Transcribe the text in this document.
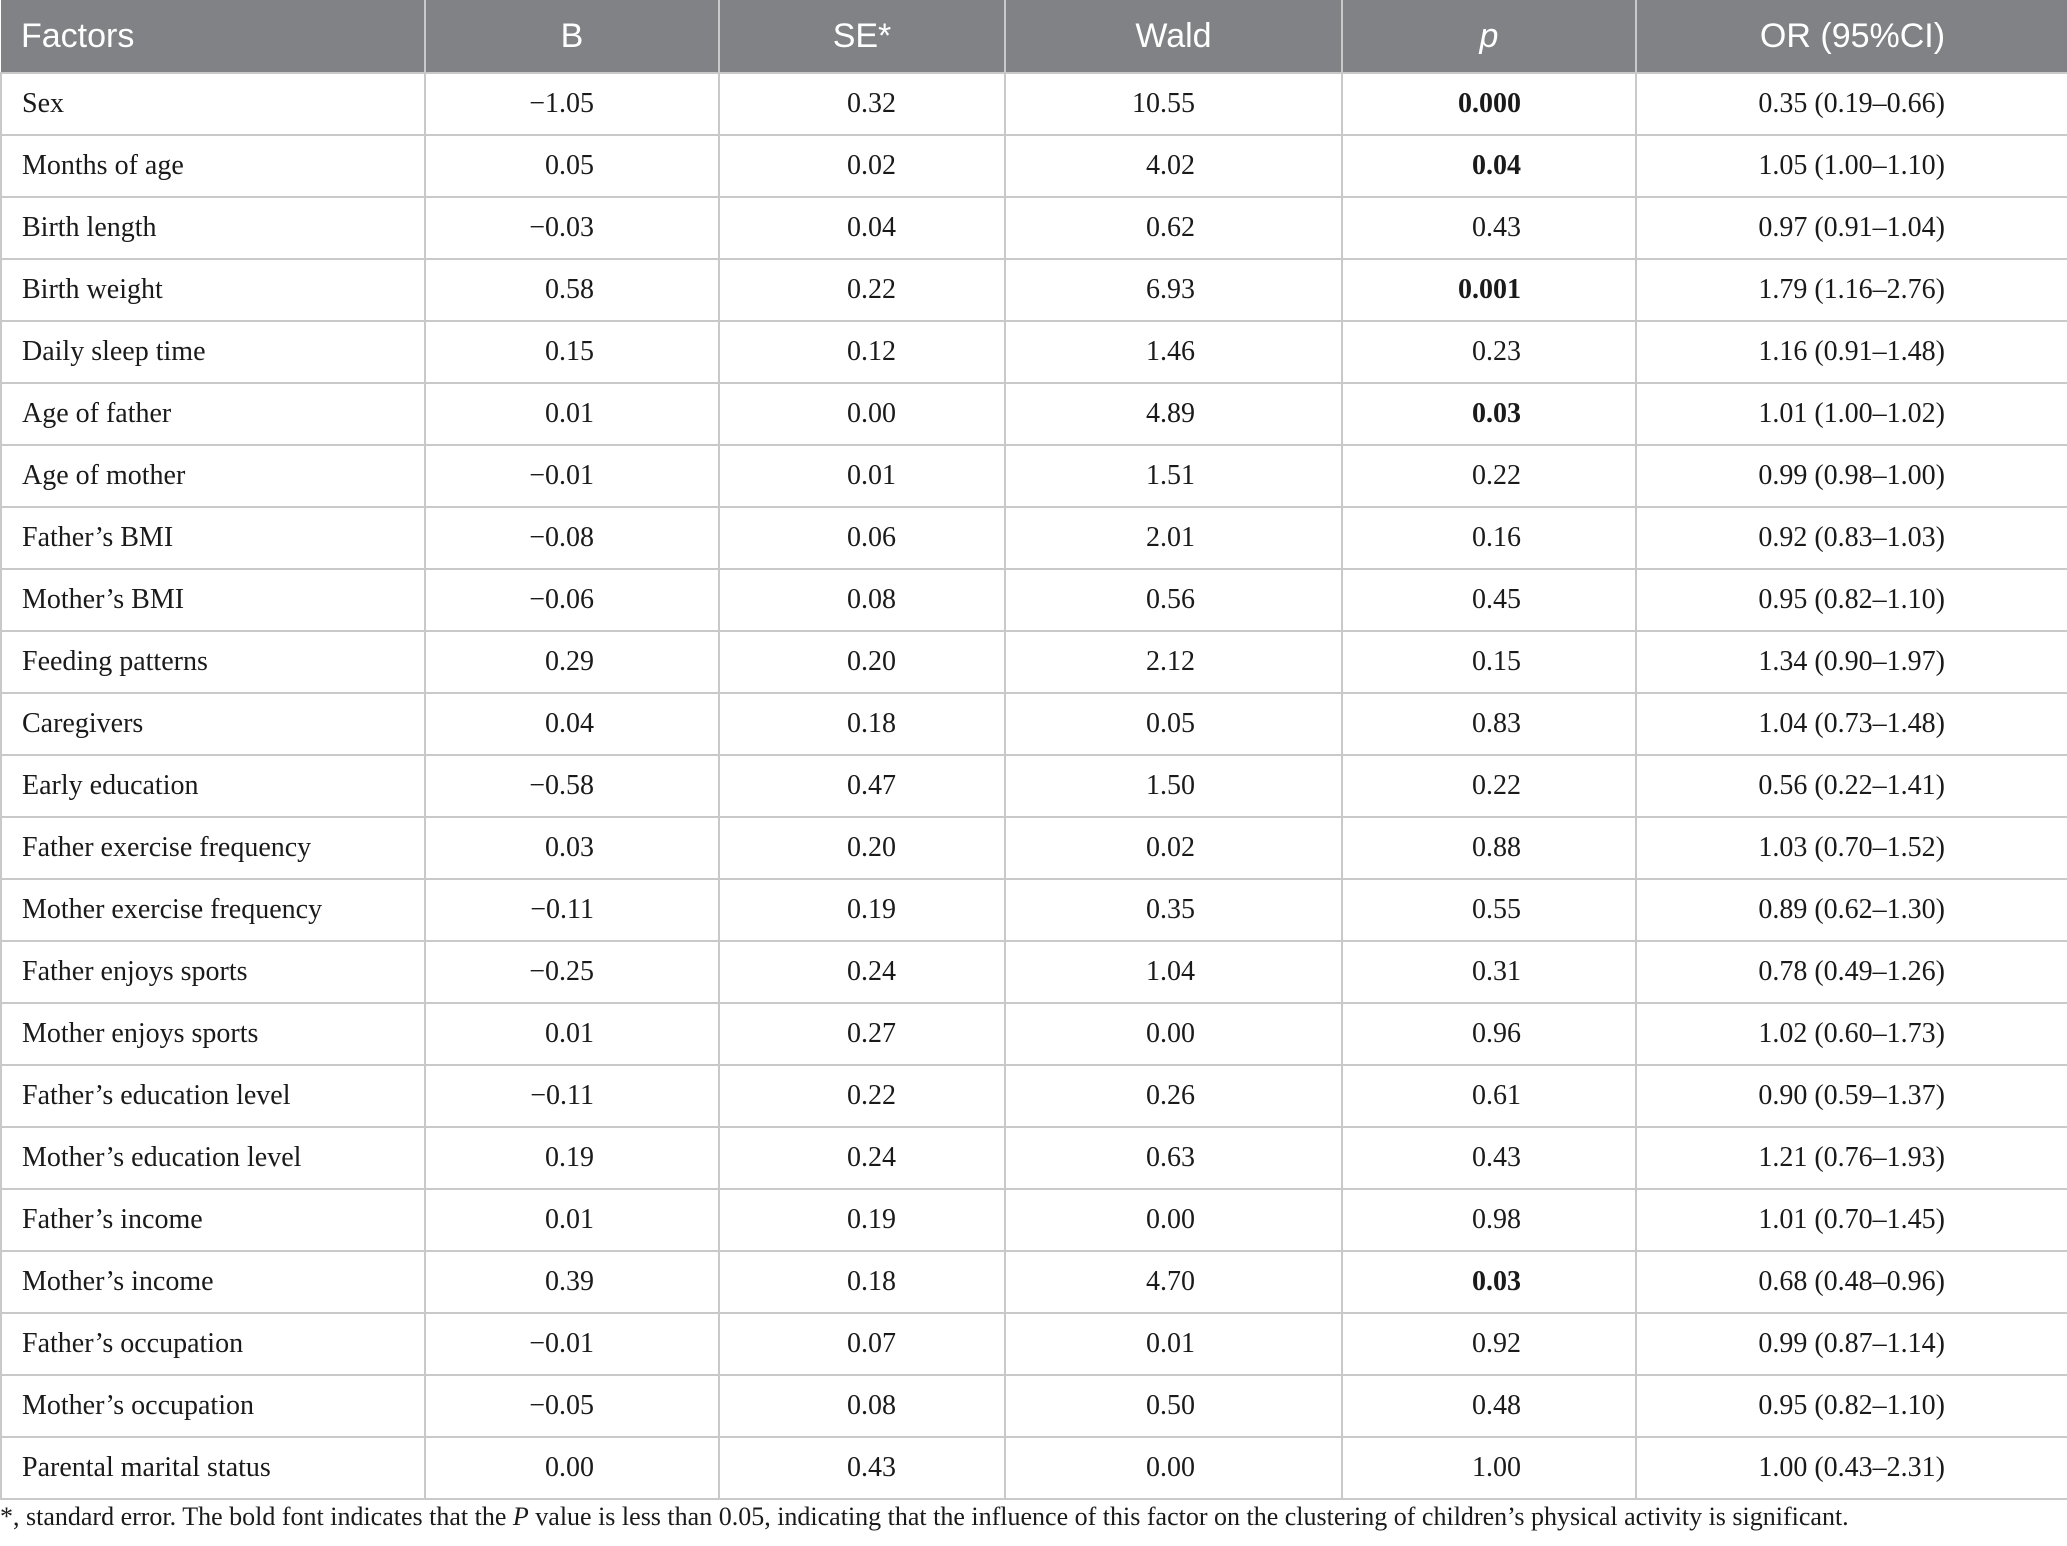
Factors	B	SE*	Wald	p	OR (95%CI)
Sex	−1.05	0.32	10.55	0.000	0.35 (0.19–0.66)
Months of age	0.05	0.02	4.02	0.04	1.05 (1.00–1.10)
Birth length	−0.03	0.04	0.62	0.43	0.97 (0.91–1.04)
Birth weight	0.58	0.22	6.93	0.001	1.79 (1.16–2.76)
Daily sleep time	0.15	0.12	1.46	0.23	1.16 (0.91–1.48)
Age of father	0.01	0.00	4.89	0.03	1.01 (1.00–1.02)
Age of mother	−0.01	0.01	1.51	0.22	0.99 (0.98–1.00)
Father’s BMI	−0.08	0.06	2.01	0.16	0.92 (0.83–1.03)
Mother’s BMI	−0.06	0.08	0.56	0.45	0.95 (0.82–1.10)
Feeding patterns	0.29	0.20	2.12	0.15	1.34 (0.90–1.97)
Caregivers	0.04	0.18	0.05	0.83	1.04 (0.73–1.48)
Early education	−0.58	0.47	1.50	0.22	0.56 (0.22–1.41)
Father exercise frequency	0.03	0.20	0.02	0.88	1.03 (0.70–1.52)
Mother exercise frequency	−0.11	0.19	0.35	0.55	0.89 (0.62–1.30)
Father enjoys sports	−0.25	0.24	1.04	0.31	0.78 (0.49–1.26)
Mother enjoys sports	0.01	0.27	0.00	0.96	1.02 (0.60–1.73)
Father’s education level	−0.11	0.22	0.26	0.61	0.90 (0.59–1.37)
Mother’s education level	0.19	0.24	0.63	0.43	1.21 (0.76–1.93)
Father’s income	0.01	0.19	0.00	0.98	1.01 (0.70–1.45)
Mother’s income	0.39	0.18	4.70	0.03	0.68 (0.48–0.96)
Father’s occupation	−0.01	0.07	0.01	0.92	0.99 (0.87–1.14)
Mother’s occupation	−0.05	0.08	0.50	0.48	0.95 (0.82–1.10)
Parental marital status	0.00	0.43	0.00	1.00	1.00 (0.43–2.31)
*, standard error. The bold font indicates that the P value is less than 0.05, indicating that the influence of this factor on the clustering of children’s physical activity is significant.
